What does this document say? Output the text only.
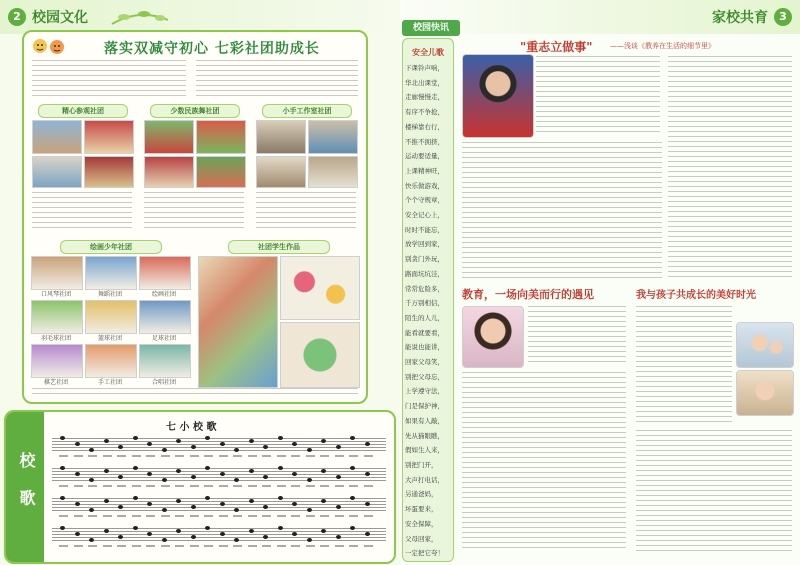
2 校园文化
落实双减守初心 七彩社团助成长
精心参观社团	少数民族舞社团	小手工作室社团
绘画少年社团
口风琴社团	舞蹈社团	绘画社团
羽毛球社团	篮球社团	足球社团
棋艺社团	手工社团	合唱社团
社团学生作品
校 歌
七 小 校 歌
家校共育	3
校园快讯
安全儿歌
下课铃声响，
华北出课堂，
走廊慢慢走，
有序不争抢，
楼梯靠右行，
不推不拥挤，
运动要适量，
上课精神旺，
快乐做游戏，
个个守规章，
安全记心上，
时时不能忘，
放学回到家，
别贪门外玩，
路面坑坑洼，
常常危险多，
千万别相信，
陌生的人儿，
能看就要看，
能说也能讲，
回家父母笑，
别把父母忘，
上学遵守法，
门是保护神，
如果有人敲，
先从猫眼瞧，
假如生人来，
别把门开，
大声打电话，
另通爸妈，
坏蛋要来，
安全保障，
父母回家，
一定把它夸！
"重志立做事" ——浅谈《教养在生活的细节里》
教育，一场向美而行的遇见	我与孩子共成长的美好时光
